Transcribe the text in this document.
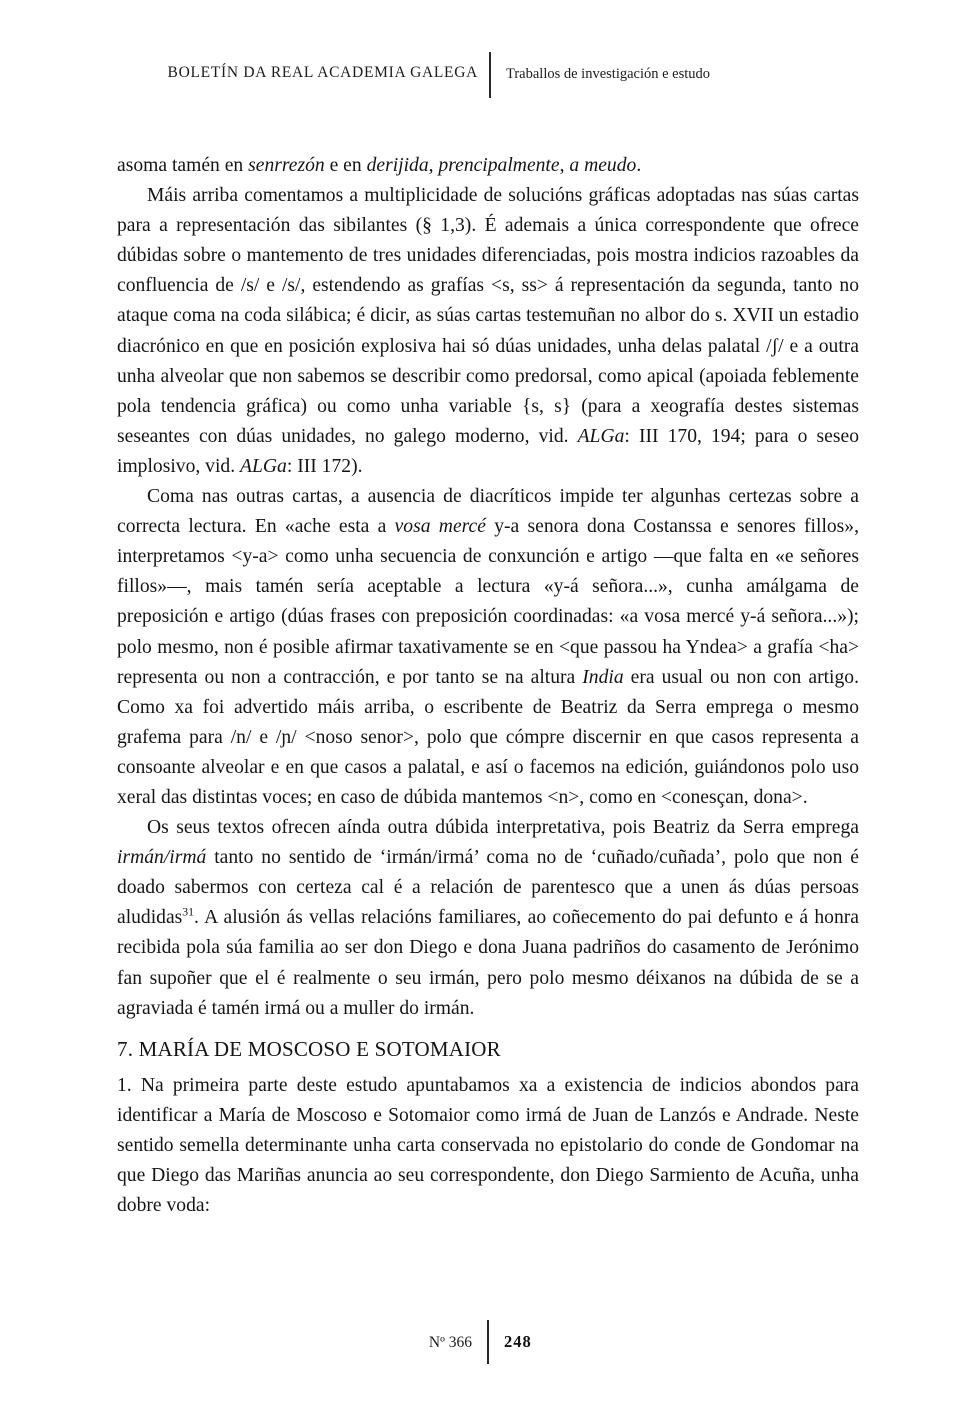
BOLETÍN DA REAL ACADEMIA GALEGA Traballos de investigación e estudo

asoma tamén en senrrezón e en derijida, prencipalmente, a meudo.

Máis arriba comentamos a multiplicidade de solucións gráficas adoptadas nas súas cartas para a representación das sibilantes (§ 1,3). É ademais a única correspondente que ofrece dúbidas sobre o mantemento de tres unidades diferenciadas, pois mostra indicios razoables da confluencia de /s/ e /s/, estendendo as grafías <s, ss> á representación da segunda, tanto no ataque coma na coda silábica; é dicir, as súas cartas testemuñan no albor do s. XVII un estadio diacrónico en que en posición explosiva hai só dúas unidades, unha delas palatal /ʃ/ e a outra unha alveolar que non sabemos se describir como predorsal, como apical (apoiada feblemente pola tendencia gráfica) ou como unha variable {s, s} (para a xeografía destes sistemas seseantes con dúas unidades, no galego moderno, vid. ALGa: III 170, 194; para o seseo implosivo, vid. ALGa: III 172).

Coma nas outras cartas, a ausencia de diacríticos impide ter algunhas certezas sobre a correcta lectura. En «ache esta a vosa mercé y-a senora dona Costanssa e senores fillos», interpretamos <y-a> como unha secuencia de conxunción e artigo —que falta en «e señores fillos»—, mais tamén sería aceptable a lectura «y-á señora...», cunha amálgama de preposición e artigo (dúas frases con preposición coordinadas: «a vosa mercé y-á señora...»); polo mesmo, non é posible afirmar taxativamente se en <que passou ha Yndea> a grafía <ha> representa ou non a contracción, e por tanto se na altura India era usual ou non con artigo. Como xa foi advertido máis arriba, o escribente de Beatriz da Serra emprega o mesmo grafema para /n/ e /ɲ/ <noso senor>, polo que cómpre discernir en que casos representa a consoante alveolar e en que casos a palatal, e así o facemos na edición, guiándonos polo uso xeral das distintas voces; en caso de dúbida mantemos <n>, como en <conesçan, dona>.

Os seus textos ofrecen aínda outra dúbida interpretativa, pois Beatriz da Serra emprega irmán/irmá tanto no sentido de ‘irmán/irmá’ coma no de ‘cuñado/cuñada’, polo que non é doado sabermos con certeza cal é a relación de parentesco que a unen ás dúas persoas aludidas$^{31}$. A alusión ás vellas relacións familiares, ao coñecemento do pai defunto e á honra recibida pola súa familia ao ser don Diego e dona Juana padriños do casamento de Jerónimo fan supoñer que el é realmente o seu irmán, pero polo mesmo déixanos na dúbida de se a agraviada é tamén irmá ou a muller do irmán.

7. MARÍA DE MOSCOSO E SOTOMAIOR

1. Na primeira parte deste estudo apuntabamos xa a existencia de indicios abondos para identificar a María de Moscoso e Sotomaior como irmá de Juan de Lanzós e Andrade. Neste sentido semella determinante unha carta conservada no epistolario do conde de Gondomar na que Diego das Mariñas anuncia ao seu correspondente, don Diego Sarmiento de Acuña, unha dobre voda:

Nº 366 248
